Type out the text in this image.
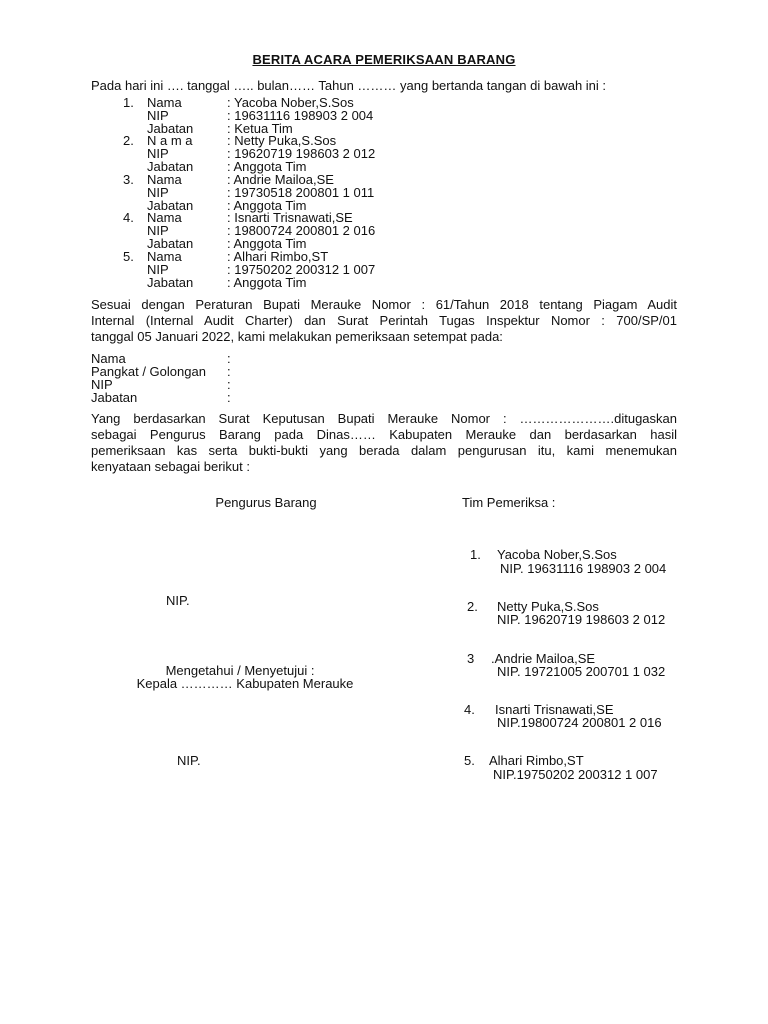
BERITA ACARA PEMERIKSAAN BARANG
Pada hari ini …. tanggal ….. bulan…… Tahun ……… yang bertanda tangan di bawah ini :
1. Nama	: Yacoba Nober,S.Sos
NIP	: 19631116 198903 2 004
Jabatan	: Ketua Tim
2. N a m a	: Netty Puka,S.Sos
NIP	: 19620719 198603 2 012
Jabatan	: Anggota Tim
3. Nama	: Andrie Mailoa,SE
NIP	: 19730518 200801 1 011
Jabatan	: Anggota Tim
4. Nama	: Isnarti Trisnawati,SE
NIP	: 19800724 200801 2 016
Jabatan	: Anggota Tim
5. Nama	: Alhari Rimbo,ST
NIP	: 19750202 200312 1 007
Jabatan	: Anggota Tim
Sesuai dengan Peraturan Bupati Merauke Nomor : 61/Tahun 2018 tentang Piagam Audit
Internal (Internal Audit Charter) dan Surat Perintah Tugas Inspektur Nomor : 700/SP/01
tanggal 05 Januari 2022, kami melakukan pemeriksaan setempat pada:
Nama	:
Pangkat / Golongan :
NIP	:
Jabatan	:
Yang berdasarkan Surat Keputusan Bupati Merauke Nomor : ………………….ditugaskan
sebagai Pengurus Barang pada Dinas…… Kabupaten Merauke dan berdasarkan hasil
pemeriksaan kas serta bukti-bukti yang berada dalam pengurusan itu, kami menemukan
kenyataan sebagai berikut :
Pengurus Barang	Tim Pemeriksa :
NIP.
Mengetahui / Menyetujui :
Kepala ………… Kabupaten Merauke
NIP.
1. Yacoba Nober,S.Sos
NIP. 19631116 198903 2 004
2. Netty Puka,S.Sos
NIP. 19620719 198603 2 012
3 .Andrie Mailoa,SE
NIP. 19721005 200701 1 032
4. Isnarti Trisnawati,SE
NIP.19800724 200801 2 016
5. Alhari Rimbo,ST
NIP.19750202 200312 1 007
